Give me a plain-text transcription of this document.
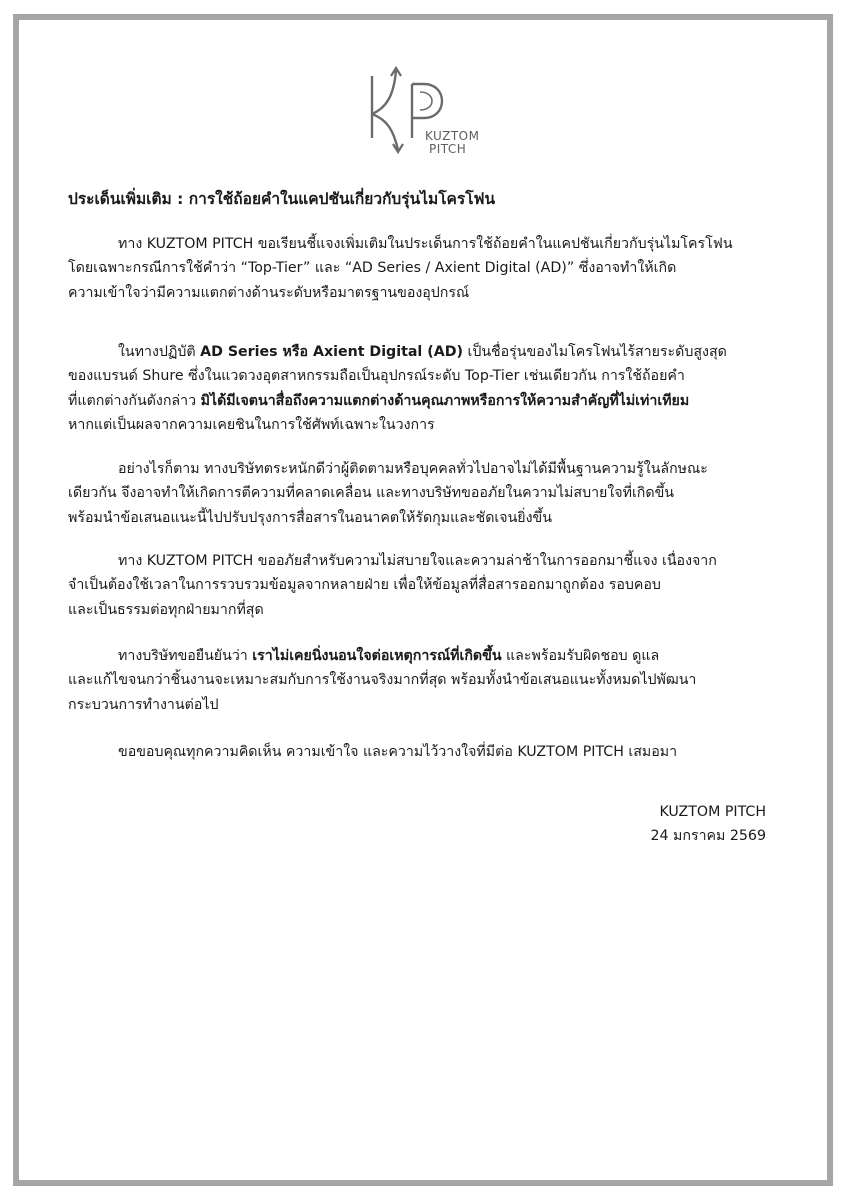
KUZTOM
PITCH
ประเด็นเพิ่มเติม : การใช้ถ้อยคำในแคปชันเกี่ยวกับรุ่นไมโครโฟน
ทาง KUZTOM PITCH ขอเรียนชี้แจงเพิ่มเติมในประเด็นการใช้ถ้อยคำในแคปชันเกี่ยวกับรุ่นไมโครโฟน
โดยเฉพาะกรณีการใช้คำว่า “Top-Tier” และ “AD Series / Axient Digital (AD)” ซึ่งอาจทำให้เกิด
ความเข้าใจว่ามีความแตกต่างด้านระดับหรือมาตรฐานของอุปกรณ์
ในทางปฏิบัติ AD Series หรือ Axient Digital (AD) เป็นชื่อรุ่นของไมโครโฟนไร้สายระดับสูงสุด
ของแบรนด์ Shure ซึ่งในแวดวงอุตสาหกรรมถือเป็นอุปกรณ์ระดับ Top-Tier เช่นเดียวกัน การใช้ถ้อยคำ
ที่แตกต่างกันดังกล่าว มิได้มีเจตนาสื่อถึงความแตกต่างด้านคุณภาพหรือการให้ความสำคัญที่ไม่เท่าเทียม
หากแต่เป็นผลจากความเคยชินในการใช้ศัพท์เฉพาะในวงการ
อย่างไรก็ตาม ทางบริษัทตระหนักดีว่าผู้ติดตามหรือบุคคลทั่วไปอาจไม่ได้มีพื้นฐานความรู้ในลักษณะ
เดียวกัน จึงอาจทำให้เกิดการตีความที่คลาดเคลื่อน และทางบริษัทขออภัยในความไม่สบายใจที่เกิดขึ้น
พร้อมนำข้อเสนอแนะนี้ไปปรับปรุงการสื่อสารในอนาคตให้รัดกุมและชัดเจนยิ่งขึ้น
ทาง KUZTOM PITCH ขออภัยสำหรับความไม่สบายใจและความล่าช้าในการออกมาชี้แจง เนื่องจาก
จำเป็นต้องใช้เวลาในการรวบรวมข้อมูลจากหลายฝ่าย เพื่อให้ข้อมูลที่สื่อสารออกมาถูกต้อง รอบคอบ
และเป็นธรรมต่อทุกฝ่ายมากที่สุด
ทางบริษัทขอยืนยันว่า เราไม่เคยนิ่งนอนใจต่อเหตุการณ์ที่เกิดขึ้น และพร้อมรับผิดชอบ ดูแล
และแก้ไขจนกว่าชิ้นงานจะเหมาะสมกับการใช้งานจริงมากที่สุด พร้อมทั้งนำข้อเสนอแนะทั้งหมดไปพัฒนา
กระบวนการทำงานต่อไป
ขอขอบคุณทุกความคิดเห็น ความเข้าใจ และความไว้วางใจที่มีต่อ KUZTOM PITCH เสมอมา
KUZTOM PITCH
24 มกราคม 2569
